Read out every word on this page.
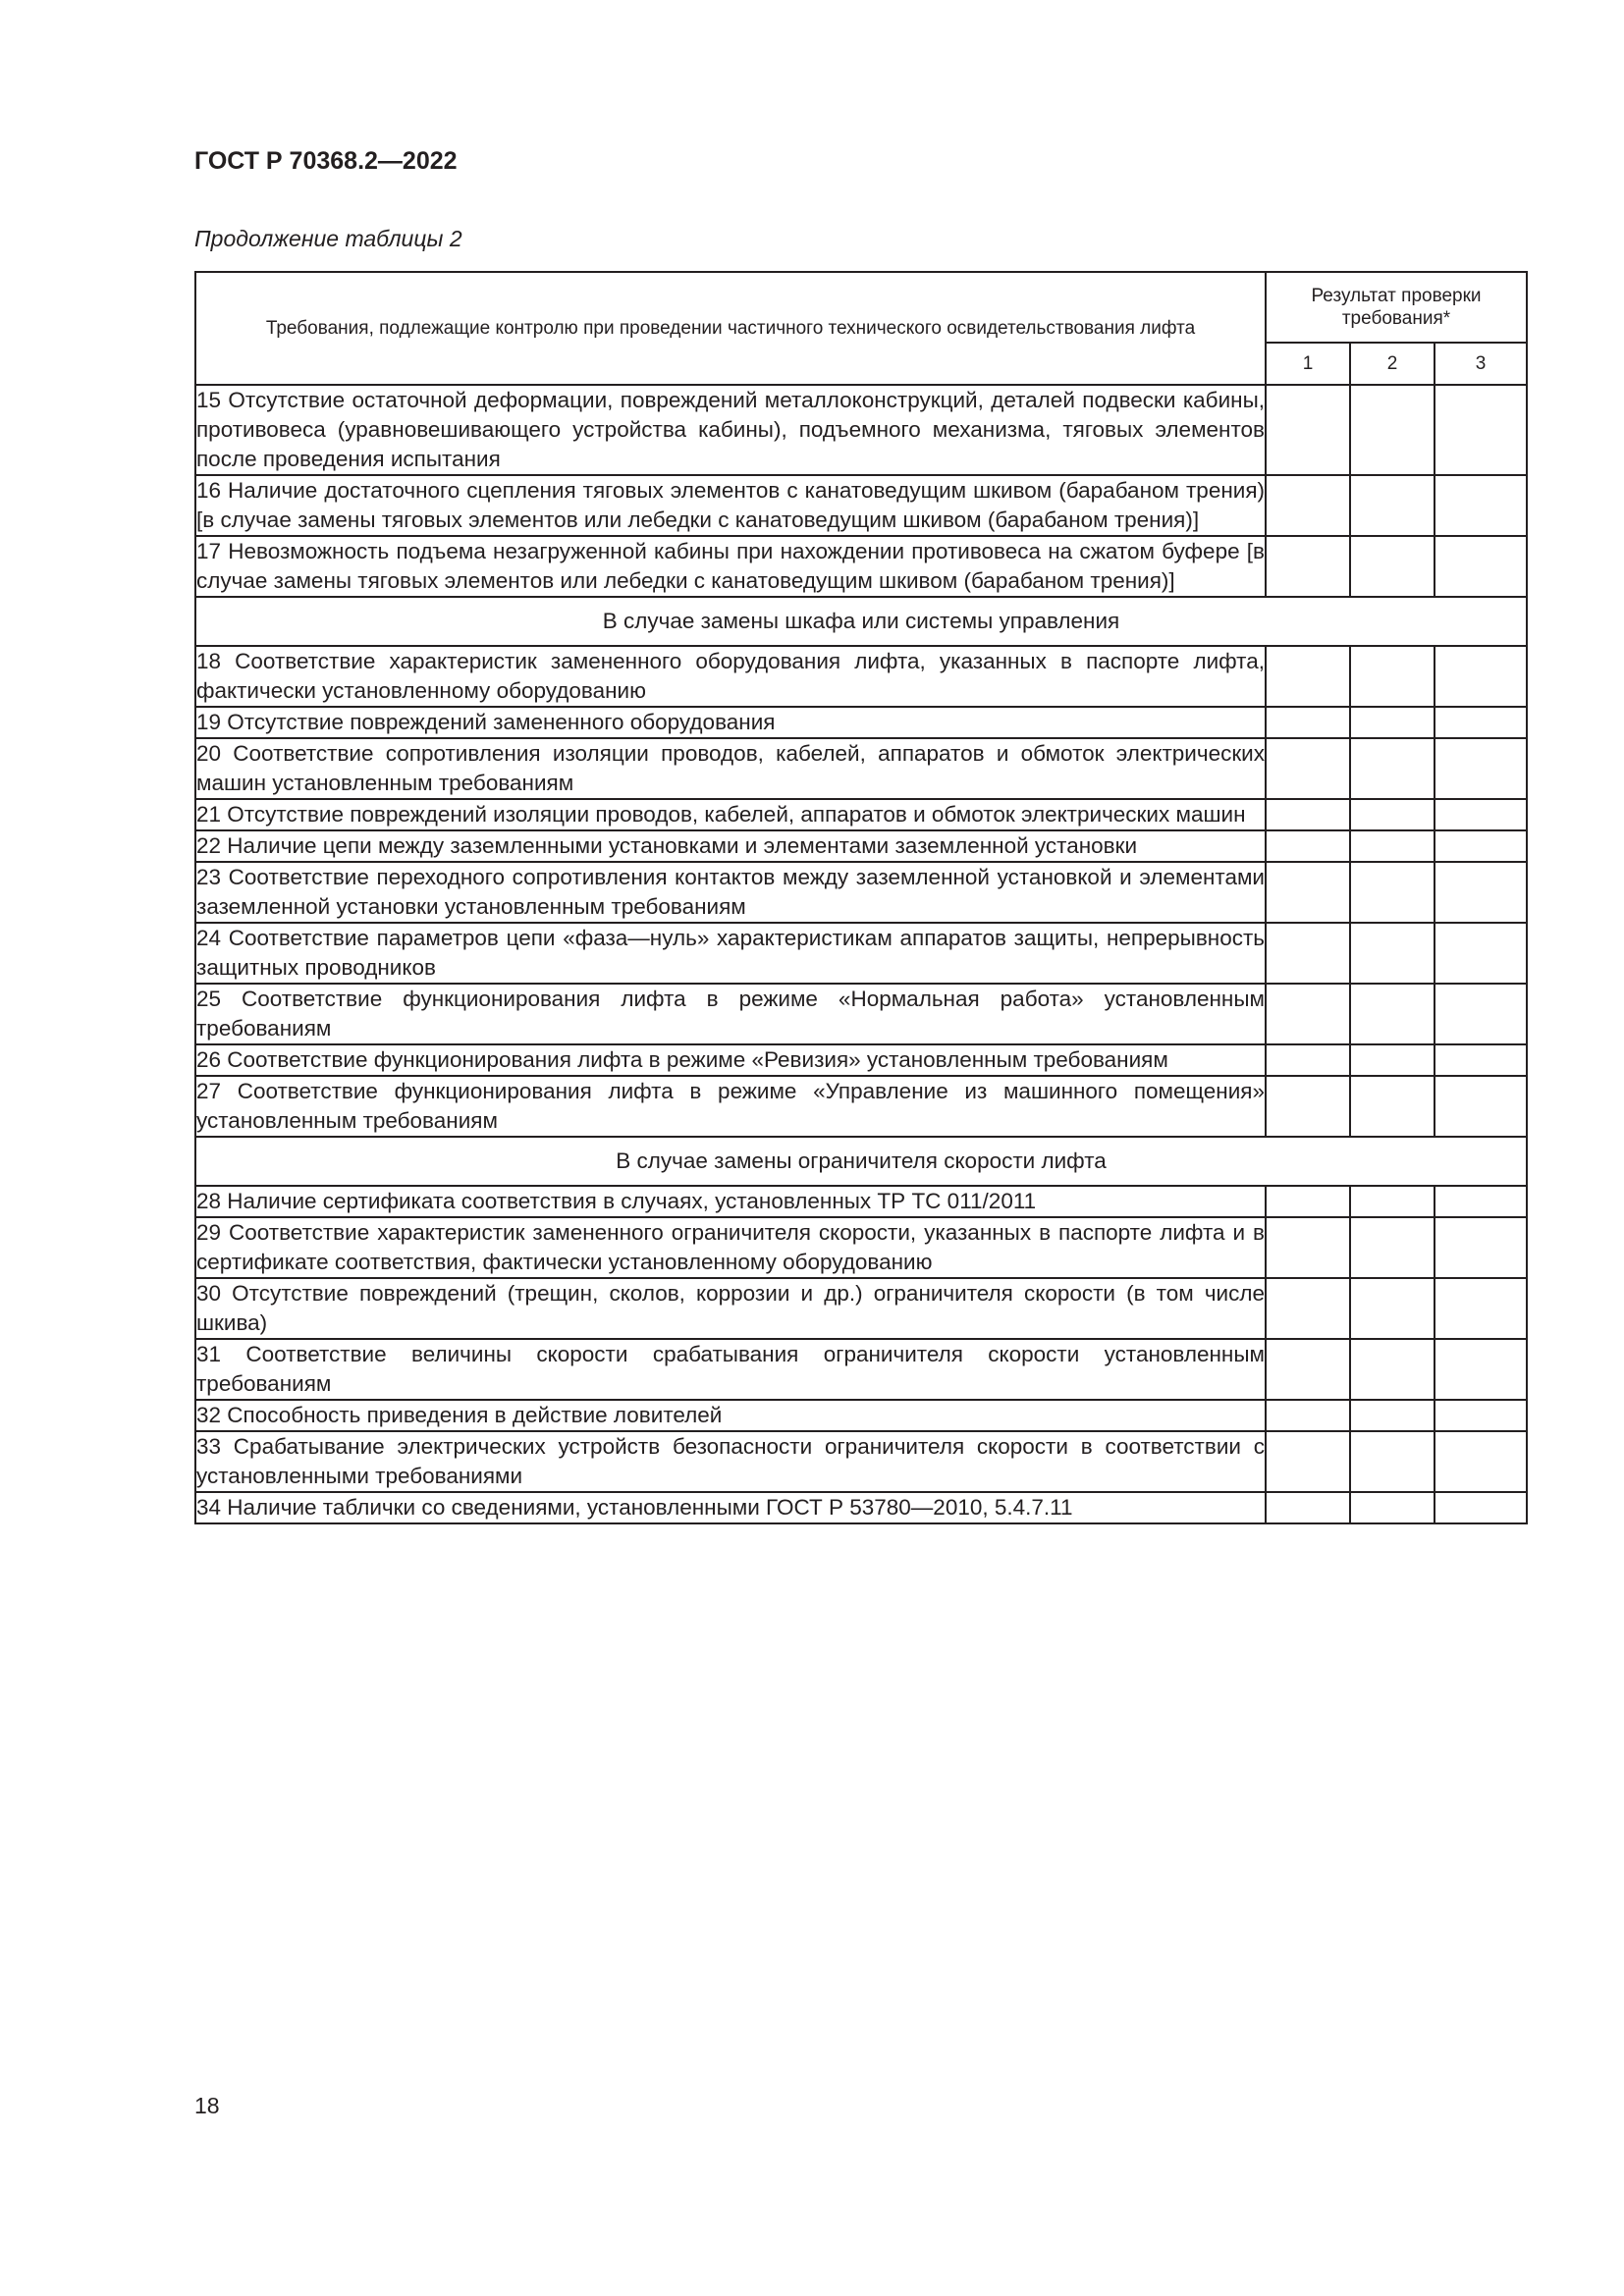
ГОСТ Р 70368.2—2022
Продолжение таблицы 2
Требования, подлежащие контролю при проведении частичного технического освидетельствования лифта	Результат проверки требования*		
	1	2	3
15 Отсутствие остаточной деформации, повреждений металлоконструкций, деталей подвески кабины, противовеса (уравновешивающего устройства кабины), подъемного механизма, тяговых элементов после проведения испытания			
16 Наличие достаточного сцепления тяговых элементов с канатоведущим шкивом (барабаном трения) [в случае замены тяговых элементов или лебедки с канатоведущим шкивом (барабаном трения)]			
17 Невозможность подъема незагруженной кабины при нахождении противовеса на сжатом буфере [в случае замены тяговых элементов или лебедки с канатоведущим шкивом (барабаном трения)]			
В случае замены шкафа или системы управления			
18 Соответствие характеристик замененного оборудования лифта, указанных в паспорте лифта, фактически установленному оборудованию			
19 Отсутствие повреждений замененного оборудования			
20 Соответствие сопротивления изоляции проводов, кабелей, аппаратов и обмоток электрических машин установленным требованиям			
21 Отсутствие повреждений изоляции проводов, кабелей, аппаратов и обмоток электрических машин			
22 Наличие цепи между заземленными установками и элементами заземленной установки			
23 Соответствие переходного сопротивления контактов между заземленной установкой и элементами заземленной установки установленным требованиям			
24 Соответствие параметров цепи «фаза—нуль» характеристикам аппаратов защиты, непрерывность защитных проводников			
25 Соответствие функционирования лифта в режиме «Нормальная работа» установленным требованиям			
26 Соответствие функционирования лифта в режиме «Ревизия» установленным требованиям			
27 Соответствие функционирования лифта в режиме «Управление из машинного помещения» установленным требованиям			
В случае замены ограничителя скорости лифта			
28 Наличие сертификата соответствия в случаях, установленных ТР ТС 011/2011			
29 Соответствие характеристик замененного ограничителя скорости, указанных в паспорте лифта и в сертификате соответствия, фактически установленному оборудованию			
30 Отсутствие повреждений (трещин, сколов, коррозии и др.) ограничителя скорости (в том числе шкива)			
31 Соответствие величины скорости срабатывания ограничителя скорости установленным требованиям			
32 Способность приведения в действие ловителей			
33 Срабатывание электрических устройств безопасности ограничителя скорости в соответствии с установленными требованиями			
34 Наличие таблички со сведениями, установленными ГОСТ Р 53780—2010, 5.4.7.11			
18
